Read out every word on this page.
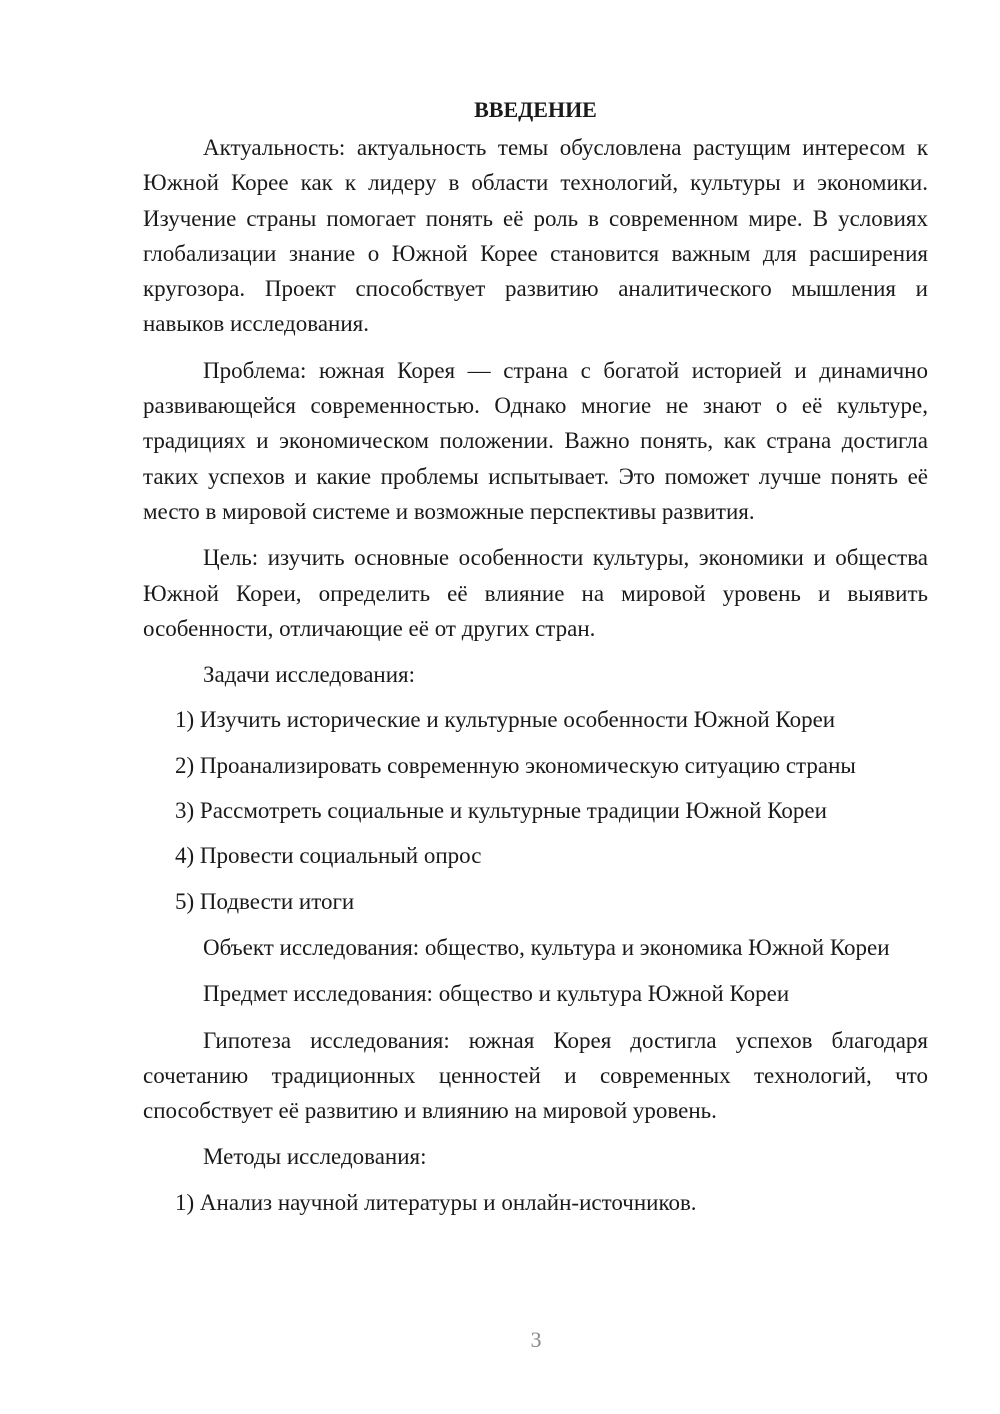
ВВЕДЕНИЕ

Актуальность: актуальность темы обусловлена растущим интересом к Южной Корее как к лидеру в области технологий, культуры и экономики. Изучение страны помогает понять её роль в современном мире. В условиях глобализации знание о Южной Корее становится важным для расширения кругозора. Проект способствует развитию аналитического мышления и навыков исследования.

Проблема: южная Корея — страна с богатой историей и динамично развивающейся современностью. Однако многие не знают о её культуре, традициях и экономическом положении. Важно понять, как страна достигла таких успехов и какие проблемы испытывает. Это поможет лучше понять её место в мировой системе и возможные перспективы развития.

Цель: изучить основные особенности культуры, экономики и общества Южной Кореи, определить её влияние на мировой уровень и выявить особенности, отличающие её от других стран.

Задачи исследования:

1) Изучить исторические и культурные особенности Южной Кореи

2) Проанализировать современную экономическую ситуацию страны

3) Рассмотреть социальные и культурные традиции Южной Кореи

4) Провести социальный опрос

5) Подвести итоги

Объект исследования: общество, культура и экономика Южной Кореи

Предмет исследования: общество и культура Южной Кореи

Гипотеза исследования: южная Корея достигла успехов благодаря сочетанию традиционных ценностей и современных технологий, что способствует её развитию и влиянию на мировой уровень.

Методы исследования:

1) Анализ научной литературы и онлайн-источников.

3
